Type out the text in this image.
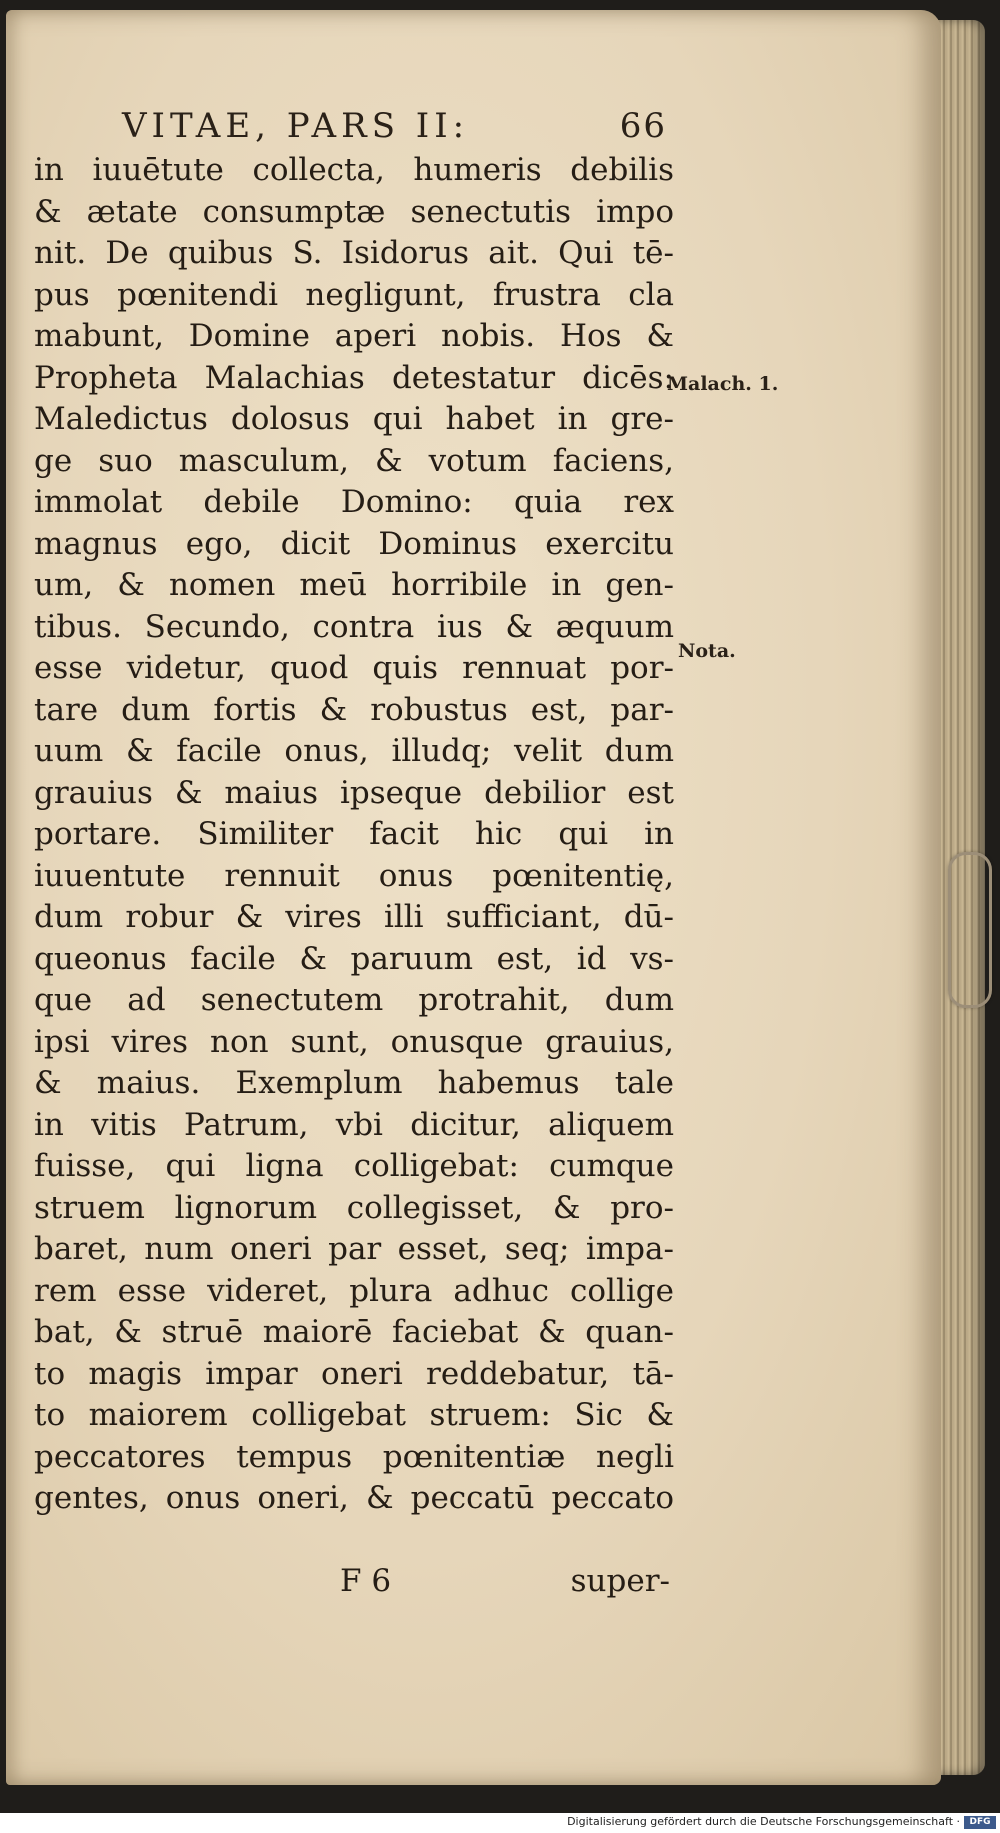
VITAE, PARS II:	66
in iuuētute collecta, humeris debilis
& ætate consumptæ senectutis impo
nit. De quibus S. Isidorus ait. Qui tē-
pus pœnitendi negligunt, frustra cla
mabunt, Domine aperi nobis. Hos &
Propheta Malachias detestatur dicēs:
Maledictus dolosus qui habet in gre-
ge suo masculum, & votum faciens,
immolat debile Domino: quia rex
magnus ego, dicit Dominus exercitu
um, & nomen meū horribile in gen-
tibus. Secundo, contra ius & æquum
esse videtur, quod quis rennuat por-
tare dum fortis & robustus est, par-
uum & facile onus, illudq; velit dum
grauius & maius ipseque debilior est
portare. Similiter facit hic qui in
iuuentute rennuit onus pœnitentię,
dum robur & vires illi sufficiant, dū-
queonus facile & paruum est, id vs-
que ad senectutem protrahit, dum
ipsi vires non sunt, onusque grauius,
& maius. Exemplum habemus tale
in vitis Patrum, vbi dicitur, aliquem
fuisse, qui ligna colligebat: cumque
struem lignorum collegisset, & pro-
baret, num oneri par esset, seq; impa-
rem esse videret, plura adhuc collige
bat, & struē maiorē faciebat & quan-
to magis impar oneri reddebatur, tā-
to maiorem colligebat struem: Sic &
peccatores tempus pœnitentiæ negli
gentes, onus oneri, & peccatū peccato
Malach. 1.
Nota.
F 6	super-
Digitalisierung gefördert durch die Deutsche Forschungsgemeinschaft ·	DFG
